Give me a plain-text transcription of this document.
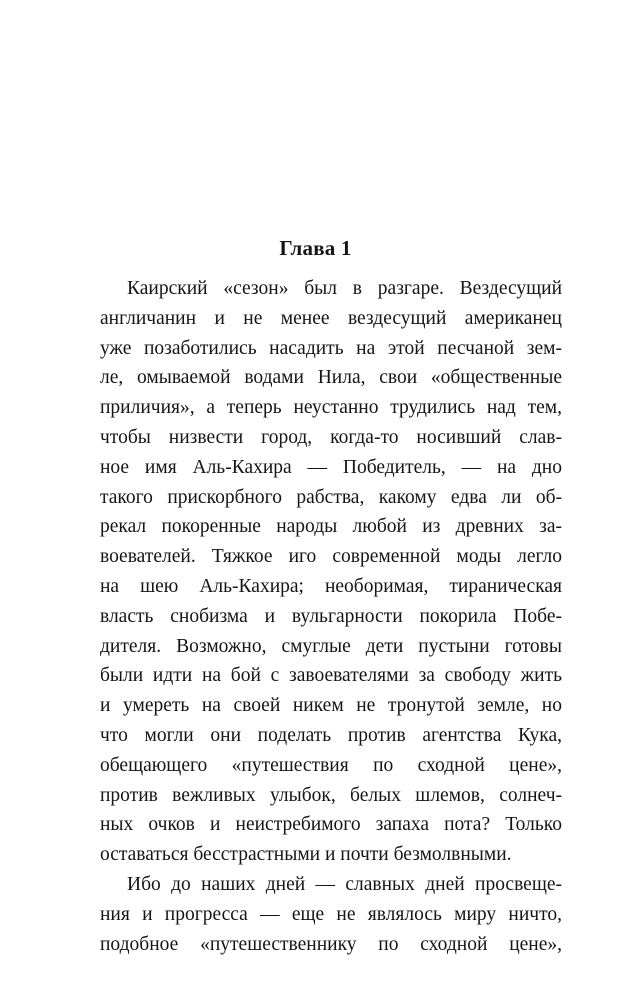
Глава 1
Каирский «сезон» был в разгаре. Вездесущий
англичанин и не менее вездесущий американец
уже позаботились насадить на этой песчаной зем-
ле, омываемой водами Нила, свои «общественные
приличия», а теперь неустанно трудились над тем,
чтобы низвести город, когда-то носивший слав-
ное имя Аль-Кахира — Победитель, — на дно
такого прискорбного рабства, какому едва ли об-
рекал покоренные народы любой из древних за-
воевателей. Тяжкое иго современной моды легло
на шею Аль-Кахира; необоримая, тираническая
власть снобизма и вульгарности покорила Побе-
дителя. Возможно, смуглые дети пустыни готовы
были идти на бой с завоевателями за свободу жить
и умереть на своей никем не тронутой земле, но
что могли они поделать против агентства Кука,
обещающего «путешествия по сходной цене»,
против вежливых улыбок, белых шлемов, солнеч-
ных очков и неистребимого запаха пота? Только
оставаться бесстрастными и почти безмолвными.
Ибо до наших дней — славных дней просвеще-
ния и прогресса — еще не являлось миру ничто,
подобное «путешественнику по сходной цене»,
